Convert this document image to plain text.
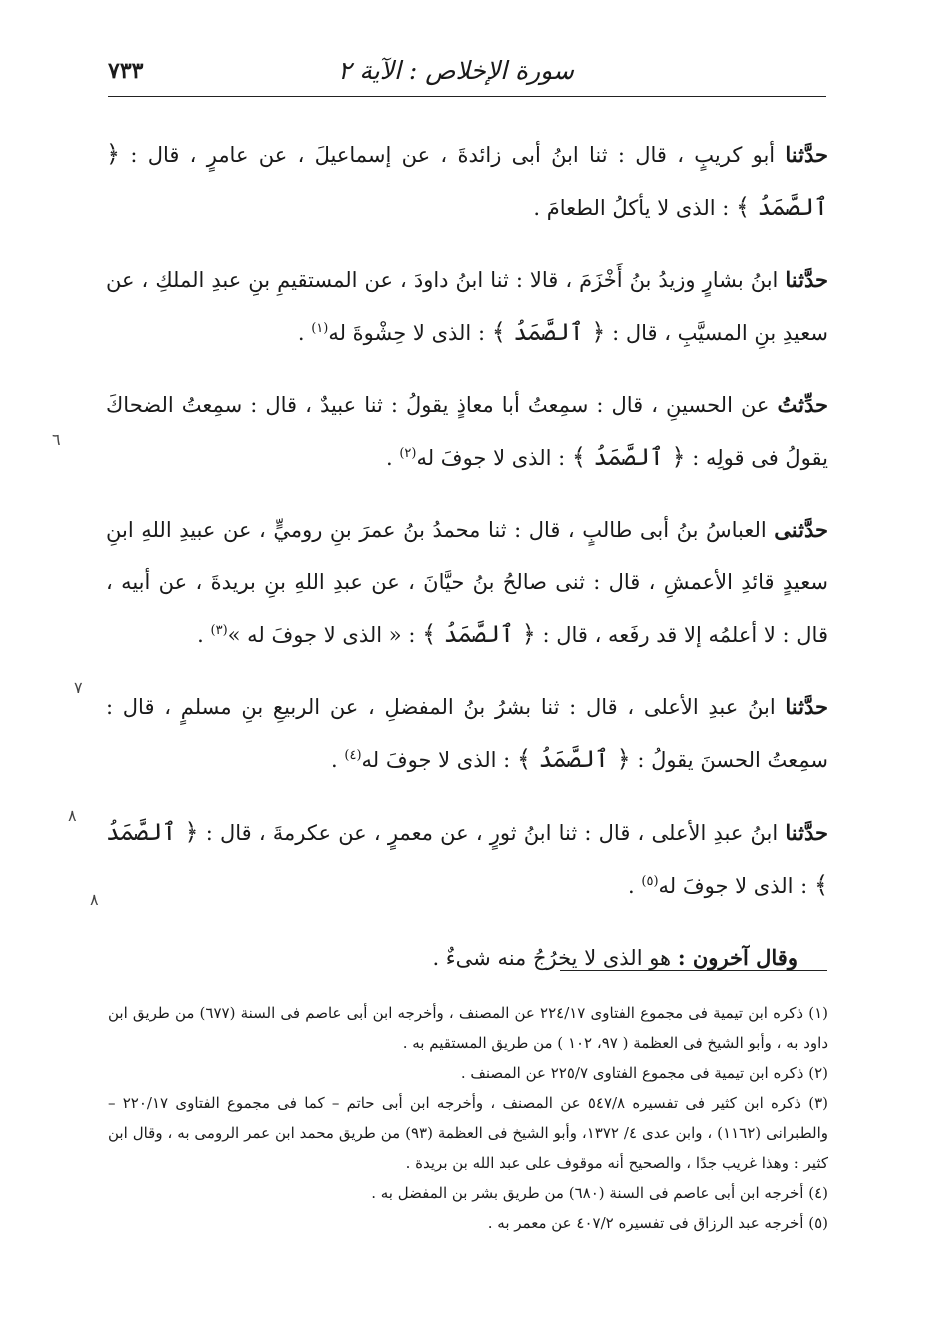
سورة الإخلاص : الآية ٢
٧٣٣

حدَّثنا أبو كريبٍ ، قال : ثنا ابنُ أبى زائدةَ ، عن إسماعيلَ ، عن عامرٍ ، قال : ﴿ ٱلصَّمَدُ ﴾ : الذى لا يأكلُ الطعامَ .

حدَّثنا ابنُ بشارٍ وزيدُ بنُ أَخْزَمَ ، قالا : ثنا ابنُ داودَ ، عن المستقيمِ بنِ عبدِ الملكِ ، عن سعيدِ بنِ المسيَّبِ ، قال : ﴿ ٱلصَّمَدُ ﴾ : الذى لا حِشْوةَ له$^{(١)}$ .

حدِّثتُ عن الحسينِ ، قال : سمِعتُ أبا معاذٍ يقولُ : ثنا عبيدٌ ، قال : سمِعتُ الضحاكَ يقولُ فى قولِه : ﴿ ٱلصَّمَدُ ﴾ : الذى لا جوفَ له$^{(٢)}$ .

حدَّثنى العباسُ بنُ أبى طالبٍ ، قال : ثنا محمدُ بنُ عمرَ بنِ روميٍّ ، عن عبيدِ اللهِ ابنِ سعيدٍ قائدِ الأعمشِ ، قال : ثنى صالحُ بنُ حيَّانَ ، عن عبدِ اللهِ بنِ بريدةَ ، عن أبيه ، قال : لا أعلمُه إلا قد رفَعه ، قال : ﴿ ٱلصَّمَدُ ﴾ : « الذى لا جوفَ له »$^{(٣)}$ .

حدَّثنا ابنُ عبدِ الأعلى ، قال : ثنا بشرُ بنُ المفضلِ ، عن الربيعِ بنِ مسلمٍ ، قال : سمِعتُ الحسنَ يقولُ : ﴿ ٱلصَّمَدُ ﴾ : الذى لا جوفَ له$^{(٤)}$ .

حدَّثنا ابنُ عبدِ الأعلى ، قال : ثنا ابنُ ثورٍ ، عن معمرٍ ، عن عكرمةَ ، قال : ﴿ ٱلصَّمَدُ ﴾ : الذى لا جوفَ له$^{(٥)}$ .

وقال آخرون : هو الذى لا يخرُجُ منه شىءٌ .

٦
٧
٨
٨

(١) ذكره ابن تيمية فى مجموع الفتاوى ٢٢٤/١٧ عن المصنف ، وأخرجه ابن أبى عاصم فى السنة (٦٧٧) من طريق ابن داود به ، وأبو الشيخ فى العظمة ( ٩٧، ١٠٢ ) من طريق المستقيم به .

(٢) ذكره ابن تيمية فى مجموع الفتاوى ٢٢٥/٧ عن المصنف .

(٣) ذكره ابن كثير فى تفسيره ٥٤٧/٨ عن المصنف ، وأخرجه ابن أبى حاتم – كما فى مجموع الفتاوى ٢٢٠/١٧ – والطبرانى (١١٦٢) ، وابن عدى ٤/ ١٣٧٢، وأبو الشيخ فى العظمة (٩٣) من طريق محمد ابن عمر الرومى به ، وقال ابن كثير : وهذا غريب جدًا ، والصحيح أنه موقوف على عبد الله بن بريدة .

(٤) أخرجه ابن أبى عاصم فى السنة (٦٨٠) من طريق بشر بن المفضل به .

(٥) أخرجه عبد الرزاق فى تفسيره ٤٠٧/٢ عن معمر به .
